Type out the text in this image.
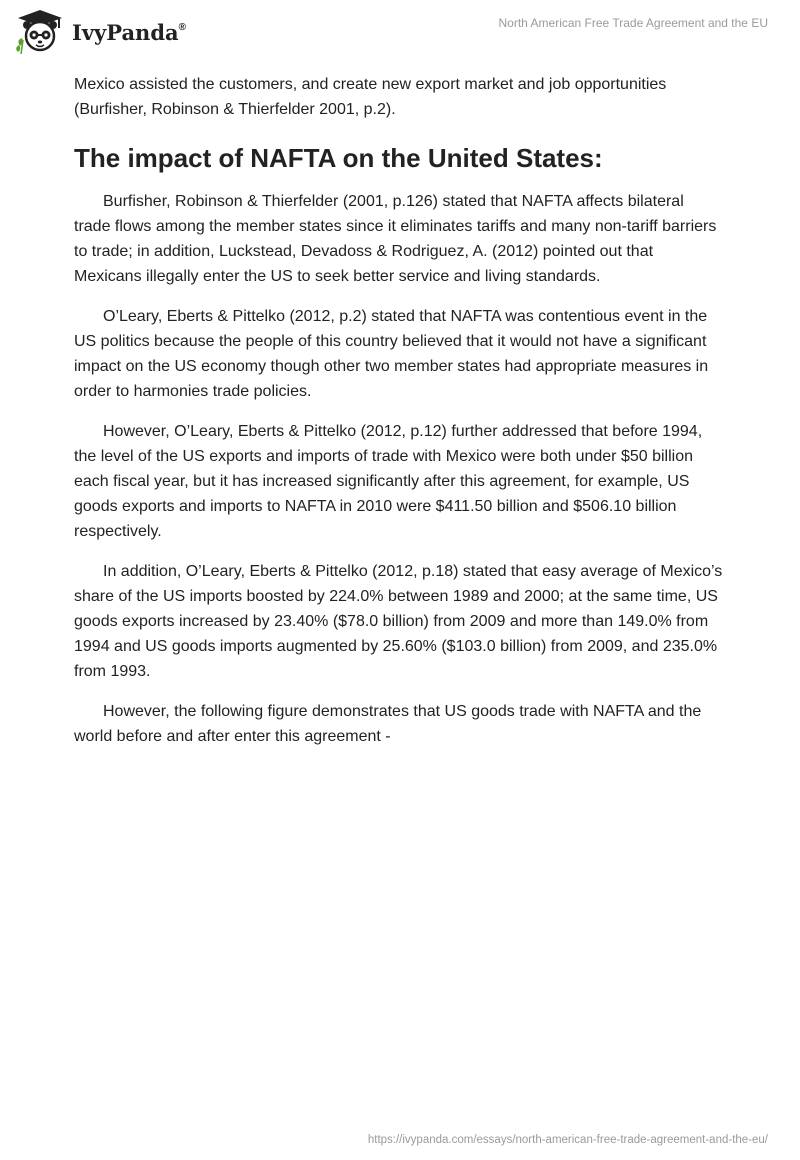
IvyPanda®	North American Free Trade Agreement and the EU

Mexico assisted the customers, and create new export market and job opportunities (Burfisher, Robinson & Thierfelder 2001, p.2).

The impact of NAFTA on the United States:

Burfisher, Robinson & Thierfelder (2001, p.126) stated that NAFTA affects bilateral trade flows among the member states since it eliminates tariffs and many non-tariff barriers to trade; in addition, Luckstead, Devadoss & Rodriguez, A. (2012) pointed out that Mexicans illegally enter the US to seek better service and living standards.

O’Leary, Eberts & Pittelko (2012, p.2) stated that NAFTA was contentious event in the US politics because the people of this country believed that it would not have a significant impact on the US economy though other two member states had appropriate measures in order to harmonies trade policies.

However, O’Leary, Eberts & Pittelko (2012, p.12) further addressed that before 1994, the level of the US exports and imports of trade with Mexico were both under $50 billion each fiscal year, but it has increased significantly after this agreement, for example, US goods exports and imports to NAFTA in 2010 were $411.50 billion and $506.10 billion respectively.

In addition, O’Leary, Eberts & Pittelko (2012, p.18) stated that easy average of Mexico’s share of the US imports boosted by 224.0% between 1989 and 2000; at the same time, US goods exports increased by 23.40% ($78.0 billion) from 2009 and more than 149.0% from 1994 and US goods imports augmented by 25.60% ($103.0 billion) from 2009, and 235.0% from 1993.

However, the following figure demonstrates that US goods trade with NAFTA and the world before and after enter this agreement -

https://ivypanda.com/essays/north-american-free-trade-agreement-and-the-eu/
